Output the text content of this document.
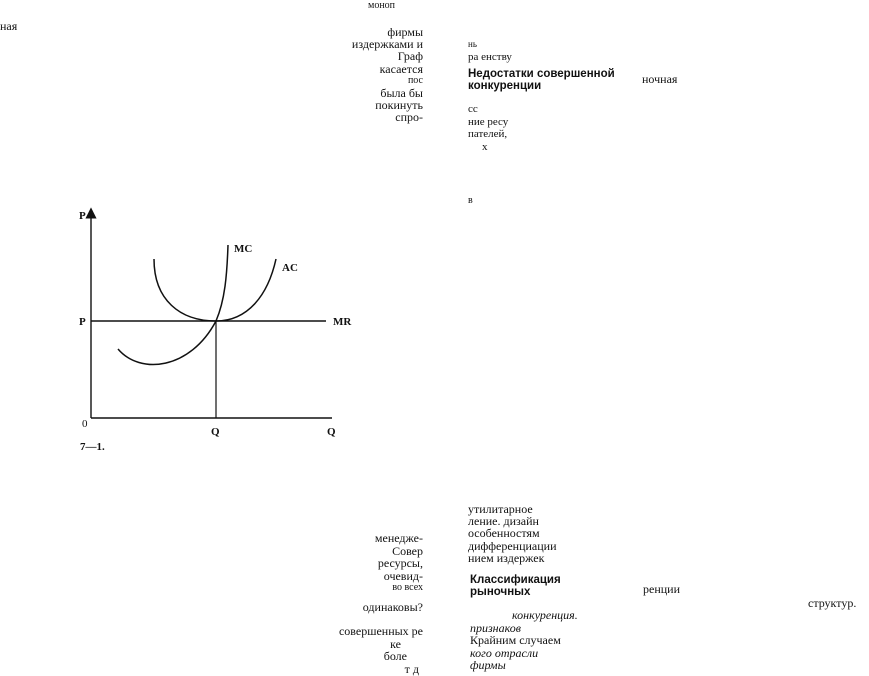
ная
моноп
фирмы
издержками и
Граф
касается
пос
была бы
покинуть
спро-
нь
ра енству
Недостатки совершенной
конкуренции
сс
ние ресу
пателей,
х
ночная
в
P
P
0
Q	Q
MC
AC
MR
7—1.
менедже-
Совер
ресурсы,
очевид-
во всех
одинаковы?
совершенных ре
ке
боле
т д
утилитарное
ление. дизайн
особенностям
дифференциации
нием издержек
Классификация
рыночных
конкуренция.
признаков
Крайним случаем
кого отрасли
фирмы
ренции
структур.
